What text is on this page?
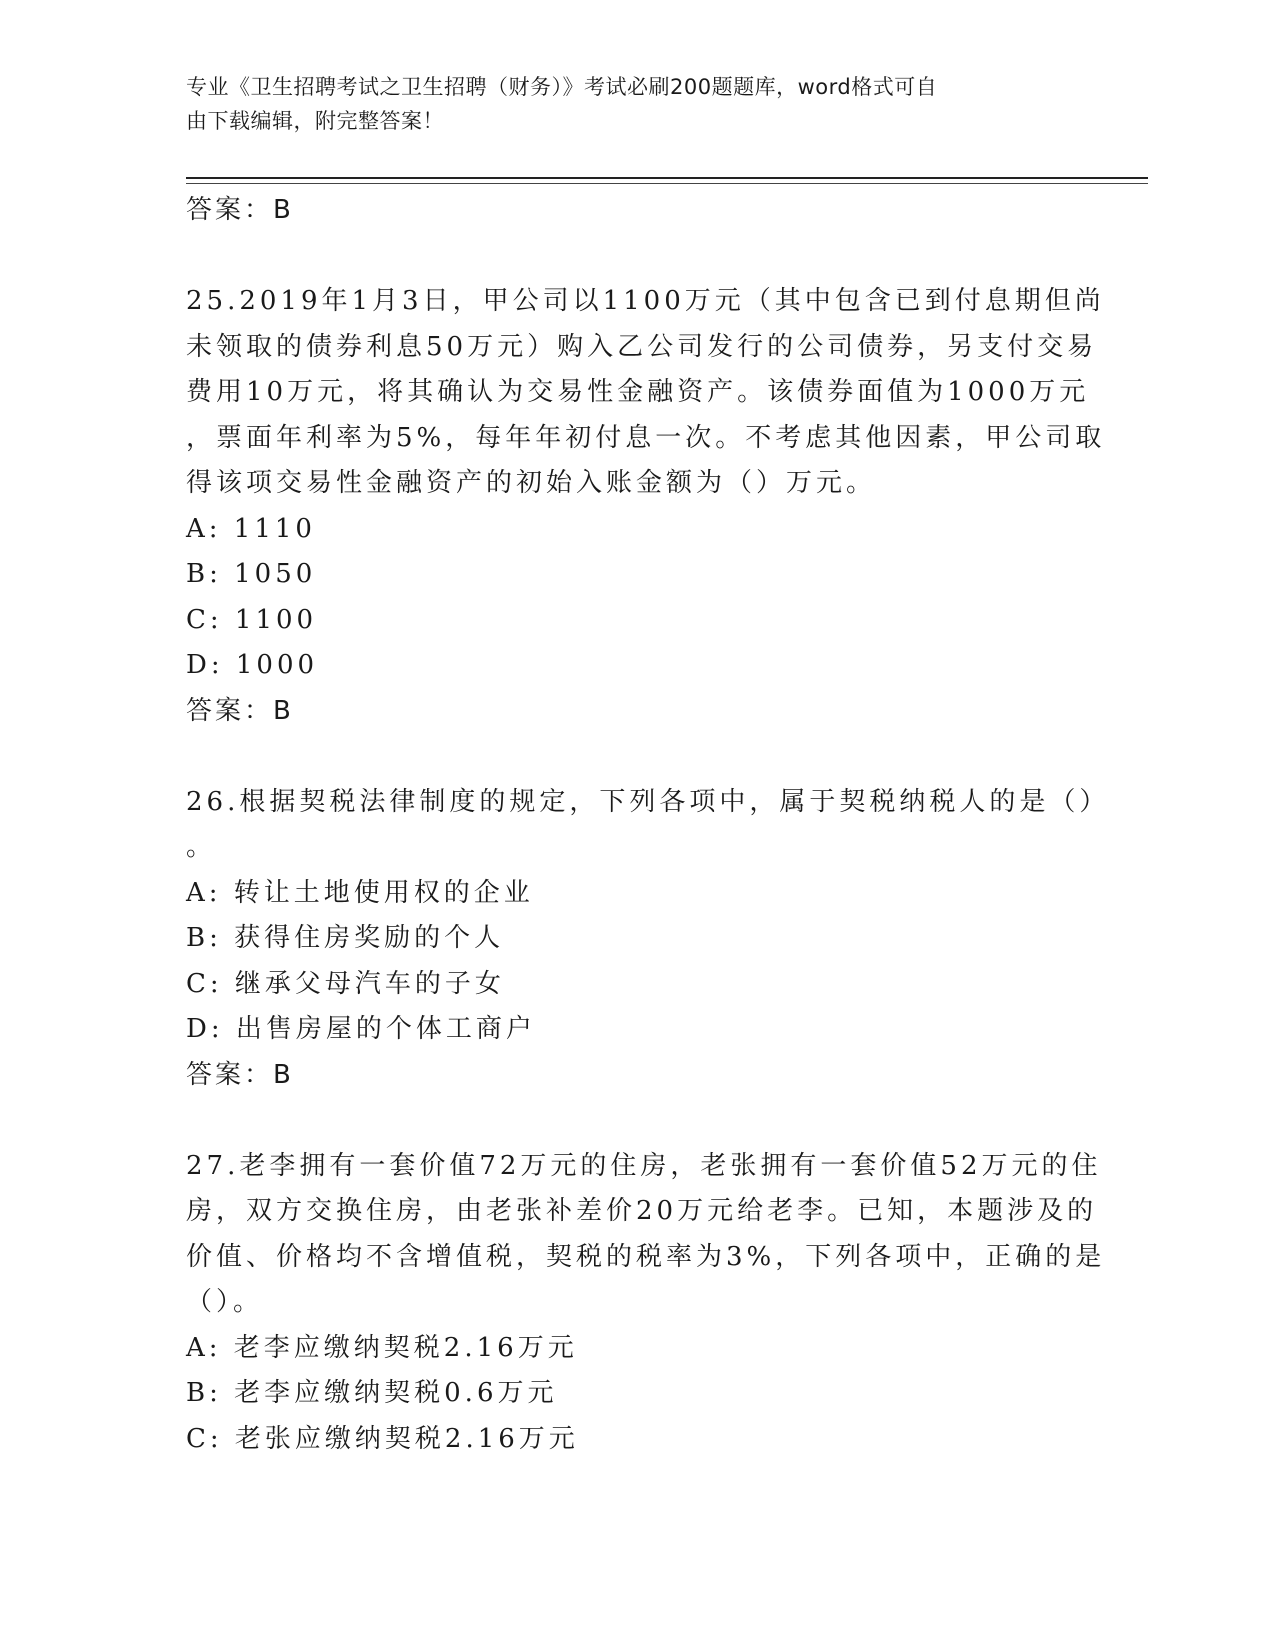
专业《卫生招聘考试之卫生招聘（财务）》考试必刷200题题库，word格式可自
由下载编辑，附完整答案！
答案：B
25.2019年1月3日，甲公司以1100万元（其中包含已到付息期但尚
未领取的债券利息50万元）购入乙公司发行的公司债券，另支付交易
费用10万元，将其确认为交易性金融资产。该债券面值为1000万元
，票面年利率为5%，每年年初付息一次。不考虑其他因素，甲公司取
得该项交易性金融资产的初始入账金额为（）万元。
A: 1110
B: 1050
C: 1100
D: 1000
答案：B
26.根据契税法律制度的规定，下列各项中，属于契税纳税人的是（）
。
A: 转让土地使用权的企业
B: 获得住房奖励的个人
C: 继承父母汽车的子女
D: 出售房屋的个体工商户
答案：B
27.老李拥有一套价值72万元的住房，老张拥有一套价值52万元的住
房，双方交换住房，由老张补差价20万元给老李。已知，本题涉及的
价值、价格均不含增值税，契税的税率为3%，下列各项中，正确的是
（）。
A: 老李应缴纳契税2.16万元
B: 老李应缴纳契税0.6万元
C: 老张应缴纳契税2.16万元
